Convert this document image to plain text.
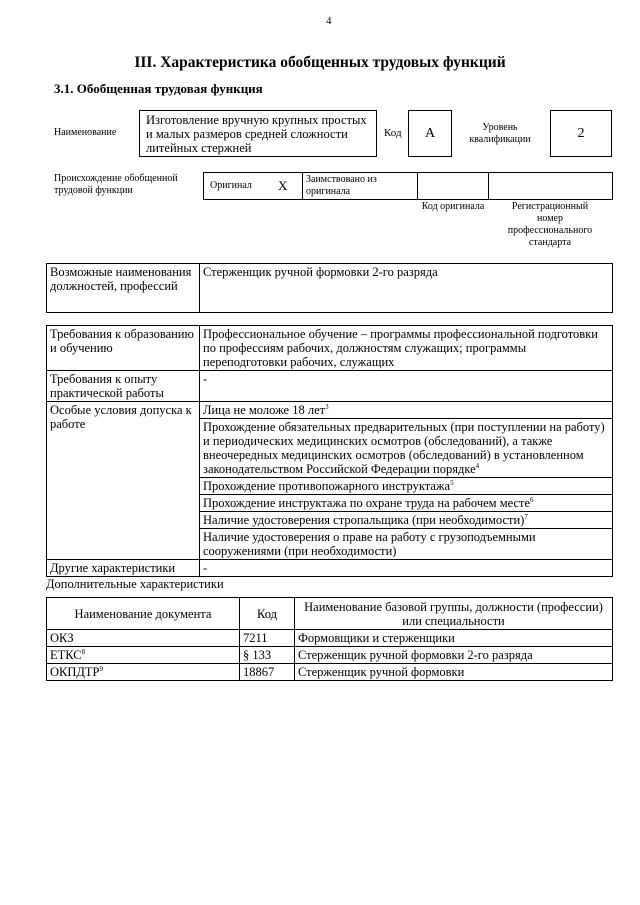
4
III. Характеристика обобщенных трудовых функций
3.1. Обобщенная трудовая функция
Наименование
Изготовление вручную крупных простых и малых размеров средней сложности литейных стержней
Код	А	Уровень квалификации	2
Происхождение обобщенной трудовой функции	Оригинал Х Заимствовано из оригинала
Код оригинала	Регистрационный номер профессионального стандарта
Возможные наименования должностей, профессий	Стерженщик ручной формовки 2-го разряда
Требования к образованию и обучению	Профессиональное обучение – программы профессиональной подготовки по профессиям рабочих, должностям служащих; программы переподготовки рабочих, служащих
Требования к опыту практической работы	-
Особые условия допуска к работе	Лица не моложе 18 лет$^3$
	Прохождение обязательных предварительных (при поступлении на работу) и периодических медицинских осмотров (обследований), а также внеочередных медицинских осмотров (обследований) в установленном законодательством Российской Федерации порядке$^4$
	Прохождение противопожарного инструктажа$^5$
	Прохождение инструктажа по охране труда на рабочем месте$^6$
	Наличие удостоверения стропальщика (при необходимости)$^7$
	Наличие удостоверения о праве на работу с грузоподъемными сооружениями (при необходимости)
Другие характеристики	-
Дополнительные характеристики
Наименование документа	Код	Наименование базовой группы, должности (профессии) или специальности
ОКЗ	7211	Формовщики и стерженщики
ЕТКС$^8$	§ 133	Стерженщик ручной формовки 2-го разряда
ОКПДТР$^9$	18867	Стерженщик ручной формовки
